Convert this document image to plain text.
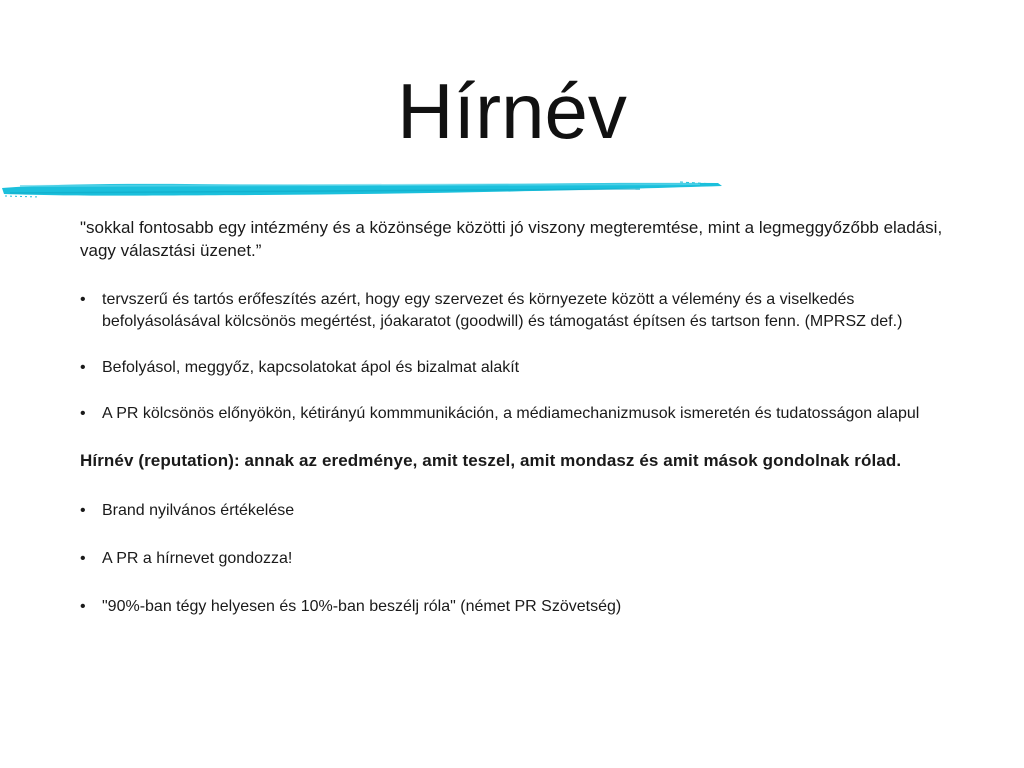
Hírnév

"sokkal fontosabb egy intézmény és a közönsége közötti jó viszony megteremtése, mint a legmeggyőzőbb eladási, vagy választási üzenet.”

• tervszerű és tartós erőfeszítés azért, hogy egy szervezet és környezete között a vélemény és a viselkedés befolyásolásával kölcsönös megértést, jóakaratot (goodwill) és támogatást építsen és tartson fenn. (MPRSZ def.)
• Befolyásol, meggyőz, kapcsolatokat ápol és bizalmat alakít
• A PR kölcsönös előnyökön, kétirányú kommmunikáción, a médiamechanizmusok ismeretén és tudatosságon alapul

Hírnév (reputation): annak az eredménye, amit teszel, amit mondasz és amit mások gondolnak rólad.

• Brand nyilvános értékelése
• A PR a hírnevet gondozza!
• "90%-ban tégy helyesen és 10%-ban beszélj róla" (német PR Szövetség)
